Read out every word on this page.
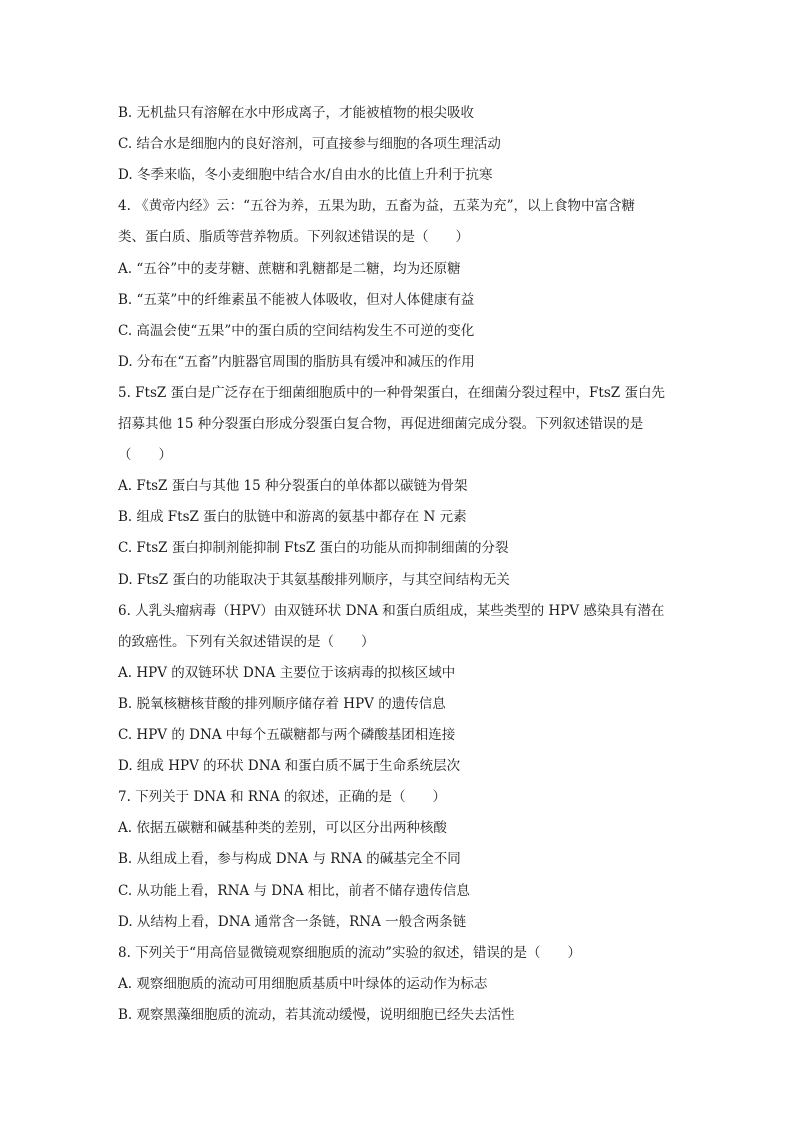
B. 无机盐只有溶解在水中形成离子，才能被植物的根尖吸收
C. 结合水是细胞内的良好溶剂，可直接参与细胞的各项生理活动
D. 冬季来临，冬小麦细胞中结合水/自由水的比值上升利于抗寒
4. 《黄帝内经》云：“五谷为养，五果为助，五畜为益，五菜为充”，以上食物中富含糖
类、蛋白质、脂质等营养物质。下列叙述错误的是（　　）
A. “五谷”中的麦芽糖、蔗糖和乳糖都是二糖，均为还原糖
B. “五菜”中的纤维素虽不能被人体吸收，但对人体健康有益
C. 高温会使“五果”中的蛋白质的空间结构发生不可逆的变化
D. 分布在“五畜”内脏器官周围的脂肪具有缓冲和减压的作用
5. FtsZ 蛋白是广泛存在于细菌细胞质中的一种骨架蛋白，在细菌分裂过程中，FtsZ 蛋白先
招募其他 15 种分裂蛋白形成分裂蛋白复合物，再促进细菌完成分裂。下列叙述错误的是
（　　）
A. FtsZ 蛋白与其他 15 种分裂蛋白的单体都以碳链为骨架
B. 组成 FtsZ 蛋白的肽链中和游离的氨基中都存在 N 元素
C. FtsZ 蛋白抑制剂能抑制 FtsZ 蛋白的功能从而抑制细菌的分裂
D. FtsZ 蛋白的功能取决于其氨基酸排列顺序，与其空间结构无关
6. 人乳头瘤病毒（HPV）由双链环状 DNA 和蛋白质组成，某些类型的 HPV 感染具有潜在
的致癌性。下列有关叙述错误的是（　　）
A. HPV 的双链环状 DNA 主要位于该病毒的拟核区域中
B. 脱氧核糖核苷酸的排列顺序储存着 HPV 的遗传信息
C. HPV 的 DNA 中每个五碳糖都与两个磷酸基团相连接
D. 组成 HPV 的环状 DNA 和蛋白质不属于生命系统层次
7. 下列关于 DNA 和 RNA 的叙述，正确的是（　　）
A. 依据五碳糖和碱基种类的差别，可以区分出两种核酸
B. 从组成上看，参与构成 DNA 与 RNA 的碱基完全不同
C. 从功能上看，RNA 与 DNA 相比，前者不储存遗传信息
D. 从结构上看，DNA 通常含一条链，RNA 一般含两条链
8. 下列关于“用高倍显微镜观察细胞质的流动”实验的叙述，错误的是（　　）
A. 观察细胞质的流动可用细胞质基质中叶绿体的运动作为标志
B. 观察黑藻细胞质的流动，若其流动缓慢，说明细胞已经失去活性
